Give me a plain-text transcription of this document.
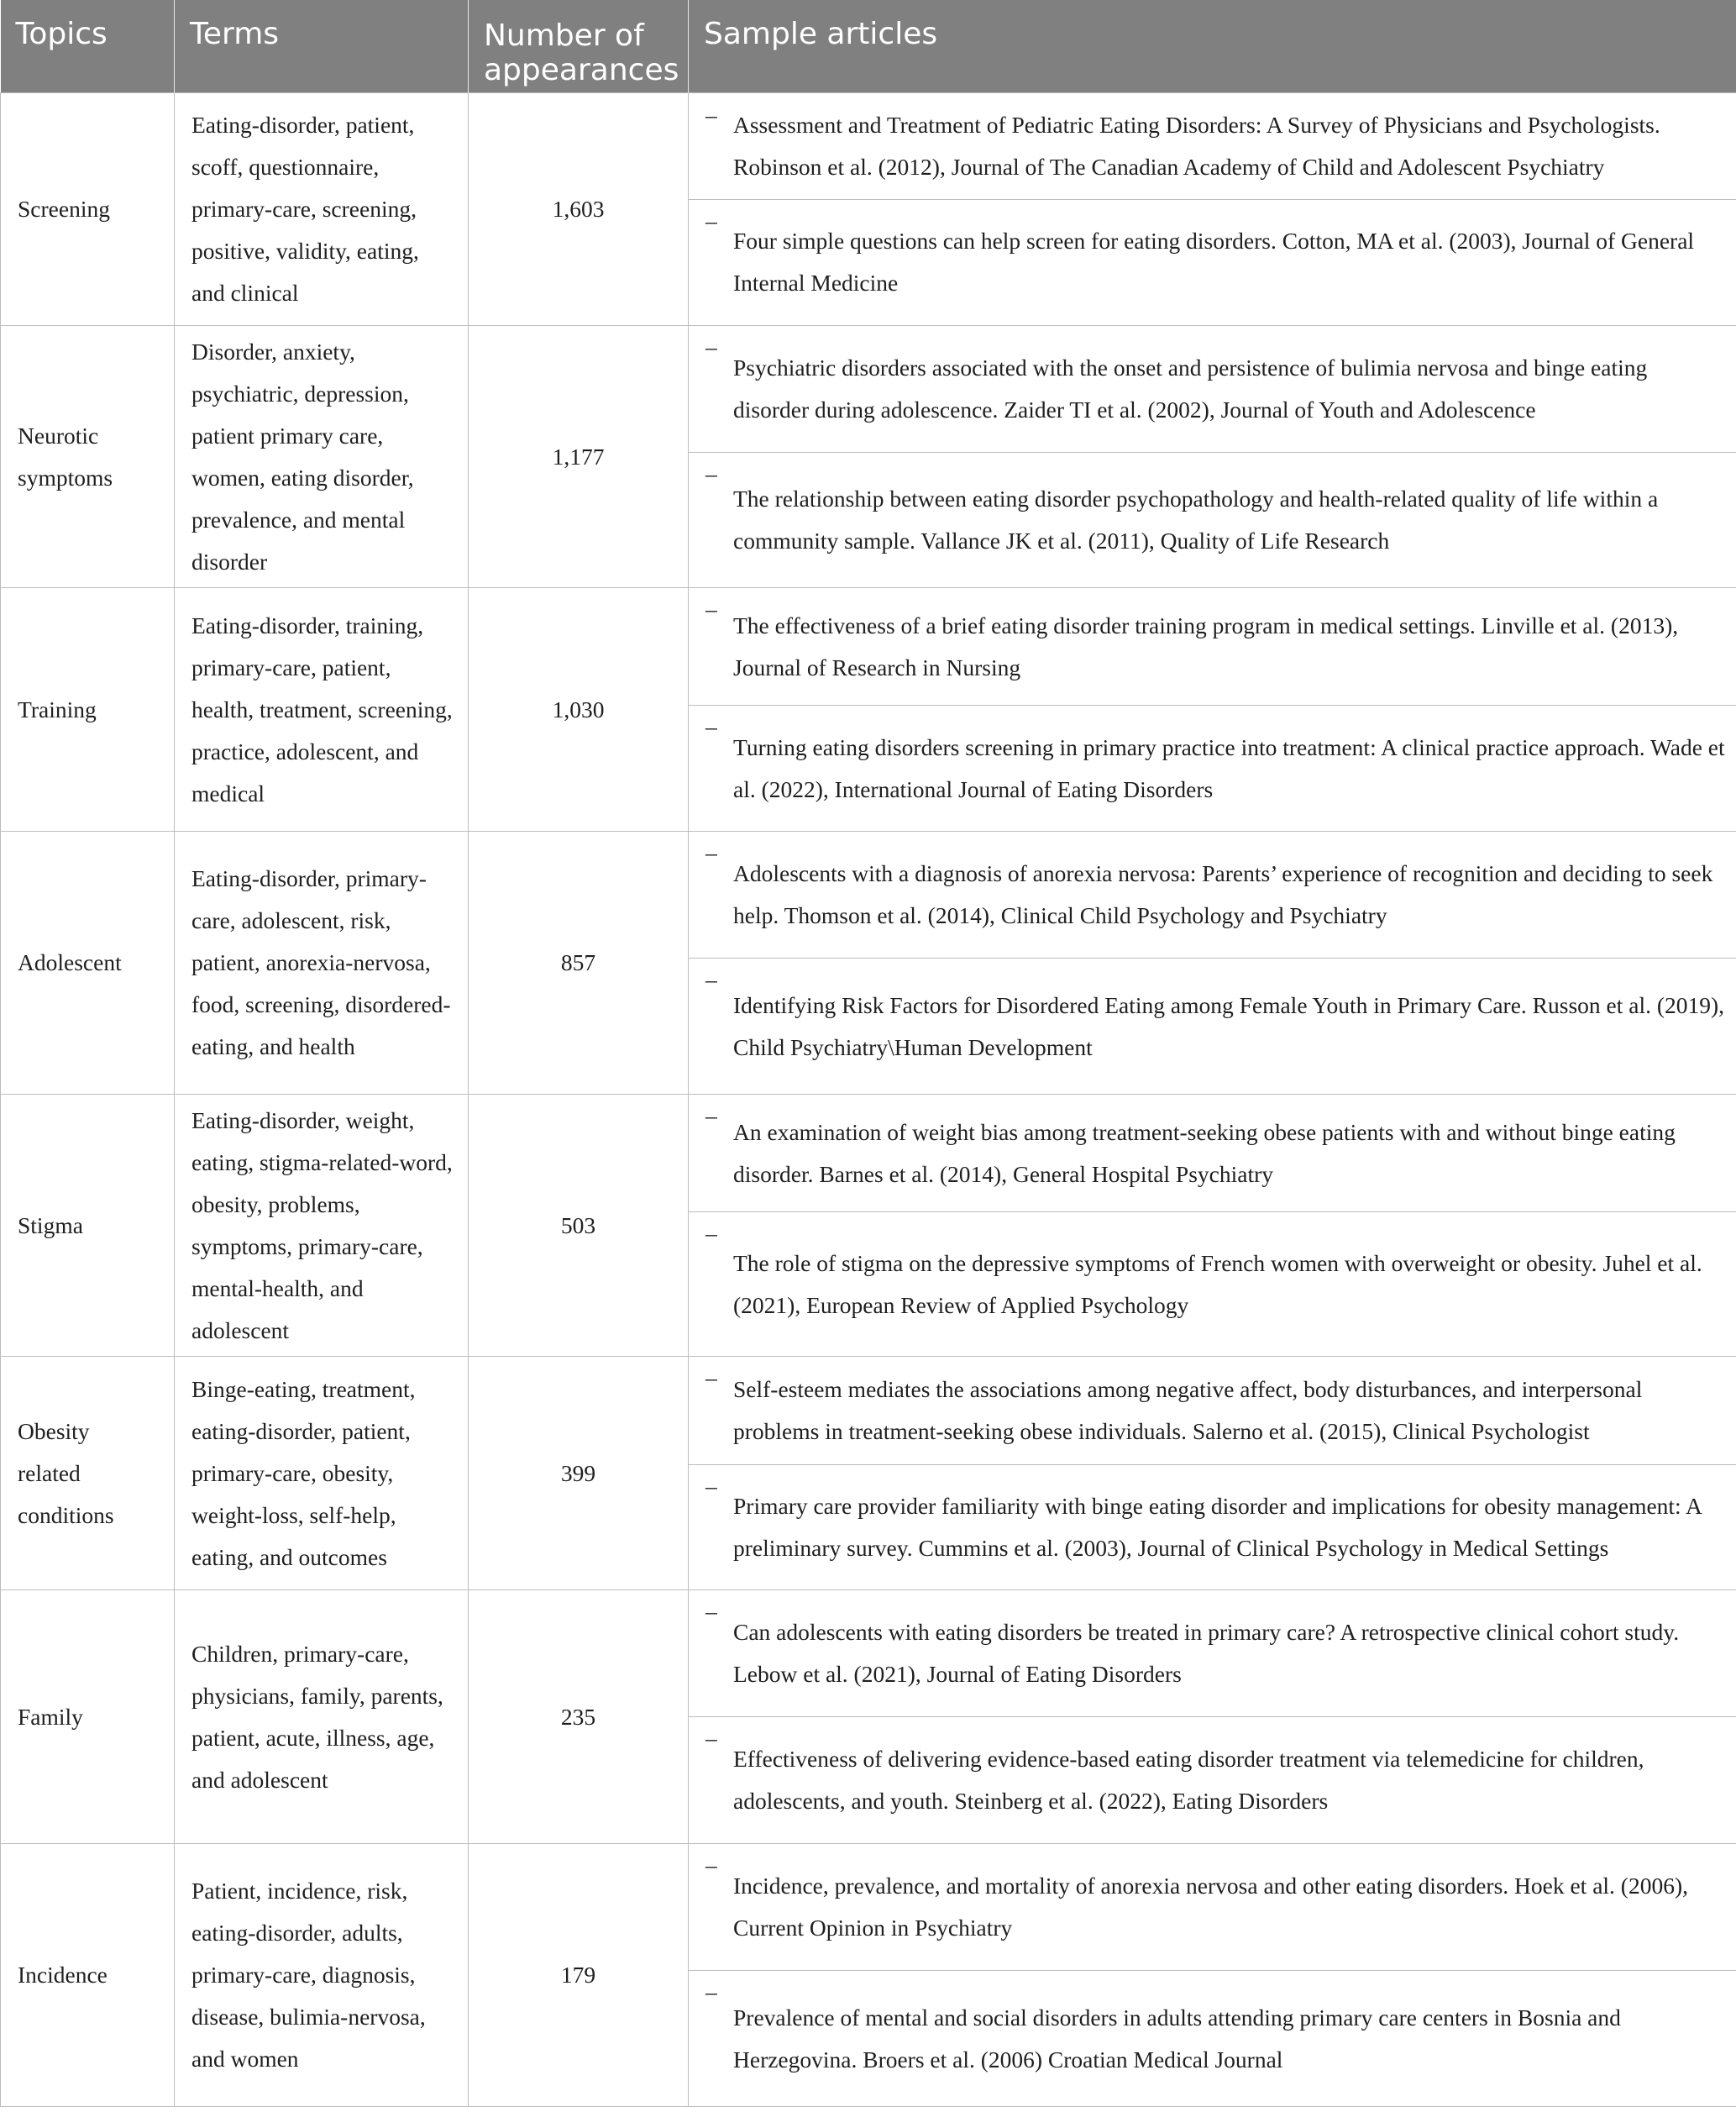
Topics	Terms	Number of appearances	Sample articles
Screening	Eating-disorder, patient, scoff, questionnaire, primary-care, screening, positive, validity, eating, and clinical	1,603	– Assessment and Treatment of Pediatric Eating Disorders: A Survey of Physicians and Psychologists. Robinson et al. (2012), Journal of The Canadian Academy of Child and Adolescent Psychiatry
–
Four simple questions can help screen for eating disorders. Cotton, MA et al. (2003), Journal of General Internal Medicine

Neurotic symptoms	Disorder, anxiety, psychiatric, depression, patient primary care, women, eating disorder, prevalence, and mental disorder	1,177	–
Psychiatric disorders associated with the onset and persistence of bulimia nervosa and binge eating disorder during adolescence. Zaider TI et al. (2002), Journal of Youth and Adolescence
–
The relationship between eating disorder psychopathology and health-related quality of life within a community sample. Vallance JK et al. (2011), Quality of Life Research

Training	Eating-disorder, training, primary-care, patient, health, treatment, screening, practice, adolescent, and medical	1,030	–
The effectiveness of a brief eating disorder training program in medical settings. Linville et al. (2013), Journal of Research in Nursing
–
Turning eating disorders screening in primary practice into treatment: A clinical practice approach. Wade et al. (2022), International Journal of Eating Disorders

Adolescent	Eating-disorder, primary-care, adolescent, risk, patient, anorexia-nervosa, food, screening, disordered-eating, and health	857	–
Adolescents with a diagnosis of anorexia nervosa: Parents’ experience of recognition and deciding to seek help. Thomson et al. (2014), Clinical Child Psychology and Psychiatry
–
Identifying Risk Factors for Disordered Eating among Female Youth in Primary Care. Russon et al. (2019), Child Psychiatry\Human Development

Stigma	Eating-disorder, weight, eating, stigma-related-word, obesity, problems, symptoms, primary-care, mental-health, and adolescent	503	–
An examination of weight bias among treatment-seeking obese patients with and without binge eating disorder. Barnes et al. (2014), General Hospital Psychiatry
–
The role of stigma on the depressive symptoms of French women with overweight or obesity. Juhel et al. (2021), European Review of Applied Psychology

Obesity related conditions	Binge-eating, treatment, eating-disorder, patient, primary-care, obesity, weight-loss, self-help, eating, and outcomes	399	– Self-esteem mediates the associations among negative affect, body disturbances, and interpersonal problems in treatment-seeking obese individuals. Salerno et al. (2015), Clinical Psychologist
–
Primary care provider familiarity with binge eating disorder and implications for obesity management: A preliminary survey. Cummins et al. (2003), Journal of Clinical Psychology in Medical Settings

Family	Children, primary-care, physicians, family, parents, patient, acute, illness, age, and adolescent	235	–
Can adolescents with eating disorders be treated in primary care? A retrospective clinical cohort study. Lebow et al. (2021), Journal of Eating Disorders
–
Effectiveness of delivering evidence-based eating disorder treatment via telemedicine for children, adolescents, and youth. Steinberg et al. (2022), Eating Disorders

Incidence	Patient, incidence, risk, eating-disorder, adults, primary-care, diagnosis, disease, bulimia-nervosa, and women	179	–
Incidence, prevalence, and mortality of anorexia nervosa and other eating disorders. Hoek et al. (2006), Current Opinion in Psychiatry
–
Prevalence of mental and social disorders in adults attending primary care centers in Bosnia and Herzegovina. Broers et al. (2006) Croatian Medical Journal
